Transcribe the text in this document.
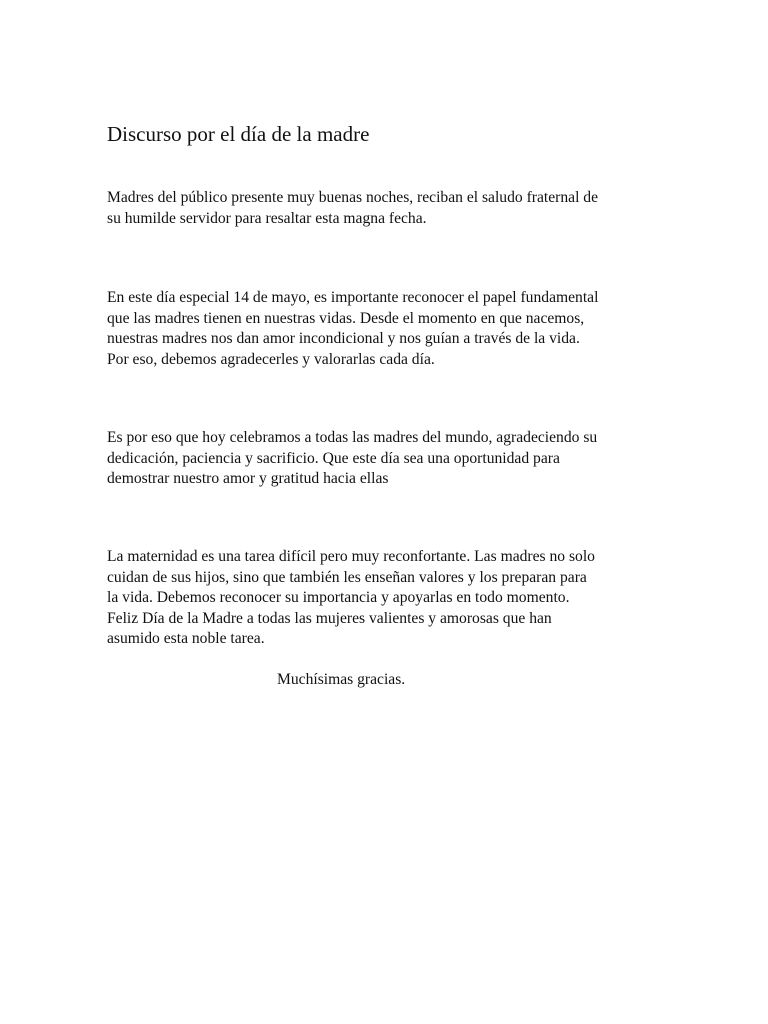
Discurso por el día de la madre

Madres del público presente muy buenas noches, reciban el saludo fraternal de
su humilde servidor para resaltar esta magna fecha.

En este día especial 14 de mayo, es importante reconocer el papel fundamental
que las madres tienen en nuestras vidas. Desde el momento en que nacemos,
nuestras madres nos dan amor incondicional y nos guían a través de la vida.
Por eso, debemos agradecerles y valorarlas cada día.

Es por eso que hoy celebramos a todas las madres del mundo, agradeciendo su
dedicación, paciencia y sacrificio. Que este día sea una oportunidad para
demostrar nuestro amor y gratitud hacia ellas

La maternidad es una tarea difícil pero muy reconfortante. Las madres no solo
cuidan de sus hijos, sino que también les enseñan valores y los preparan para
la vida. Debemos reconocer su importancia y apoyarlas en todo momento.
Feliz Día de la Madre a todas las mujeres valientes y amorosas que han
asumido esta noble tarea.

Muchísimas gracias.
